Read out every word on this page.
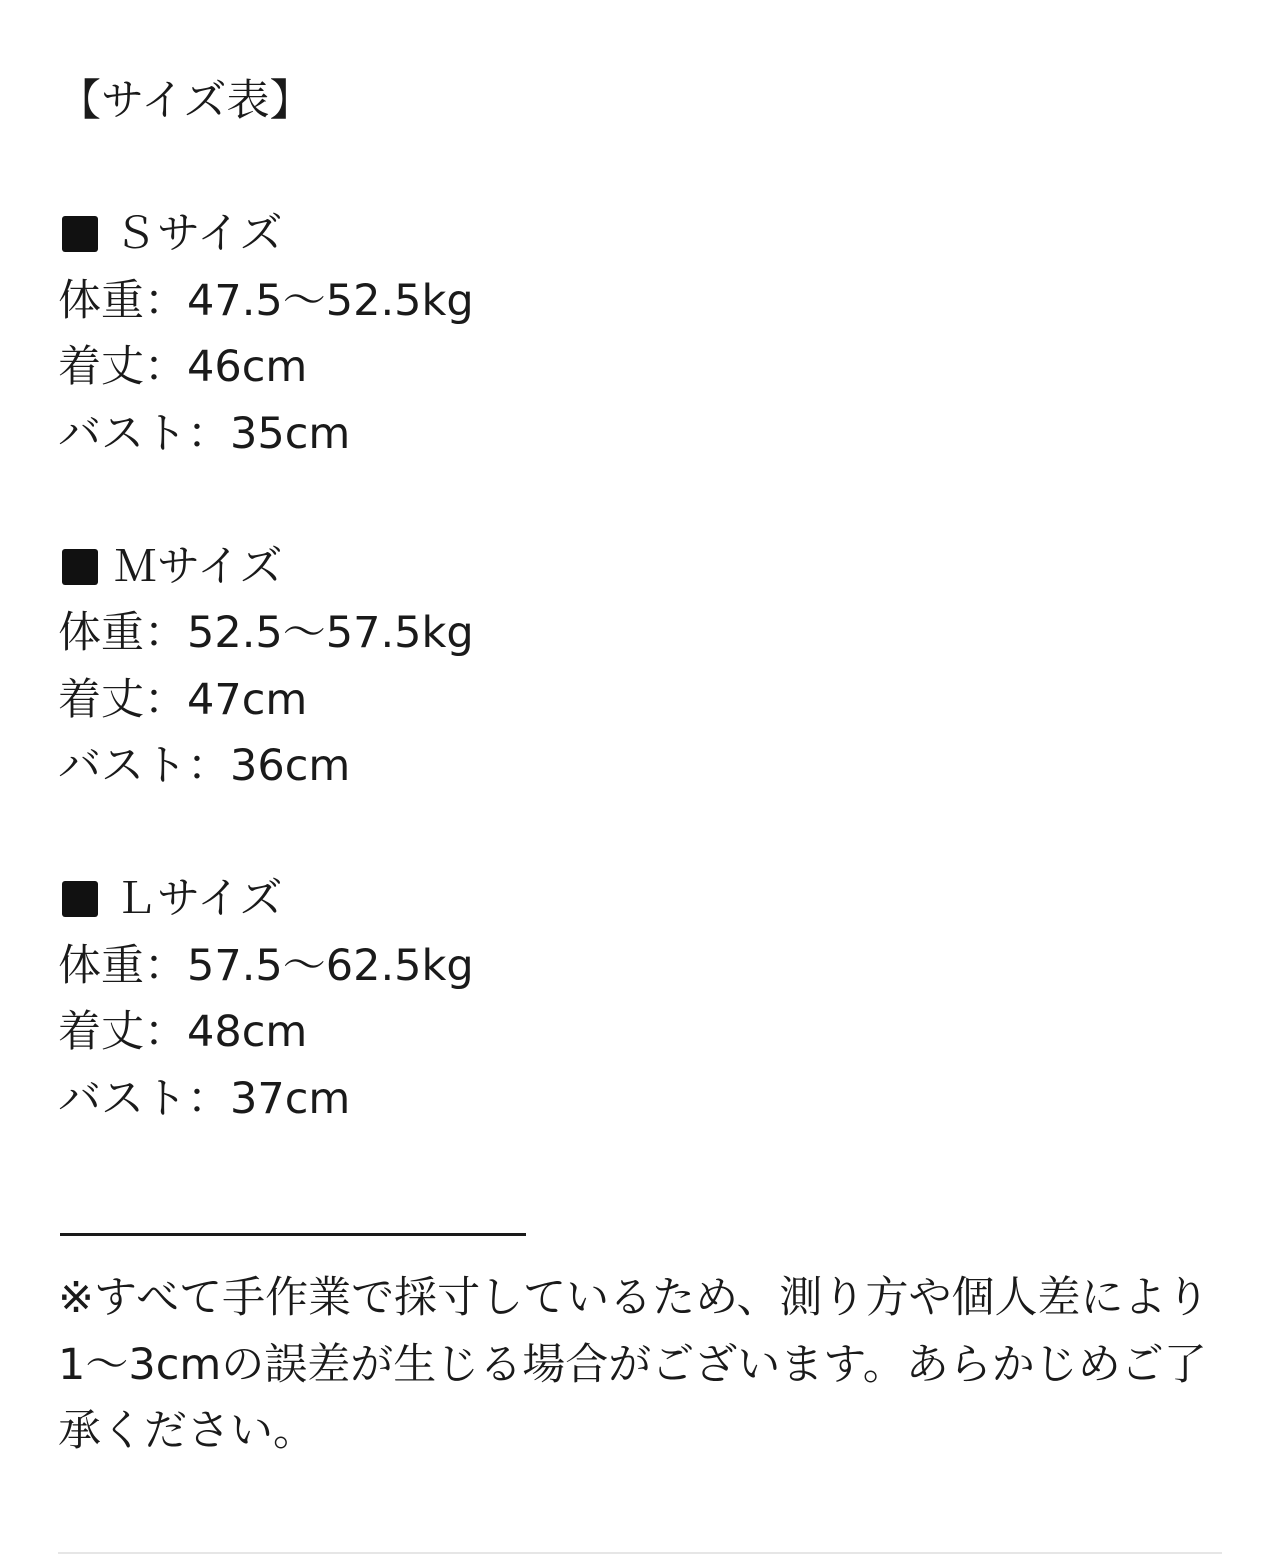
【サイズ表】
Ｓサイズ
体重：47.5～52.5kg
着丈：46cm
バスト：35cm
Ｍサイズ
体重：52.5～57.5kg
着丈：47cm
バスト：36cm
Ｌサイズ
体重：57.5～62.5kg
着丈：48cm
バスト：37cm
※すべて手作業で採寸しているため、測り方や個人差により1～3cmの誤差が生じる場合がございます。あらかじめご了承ください。
